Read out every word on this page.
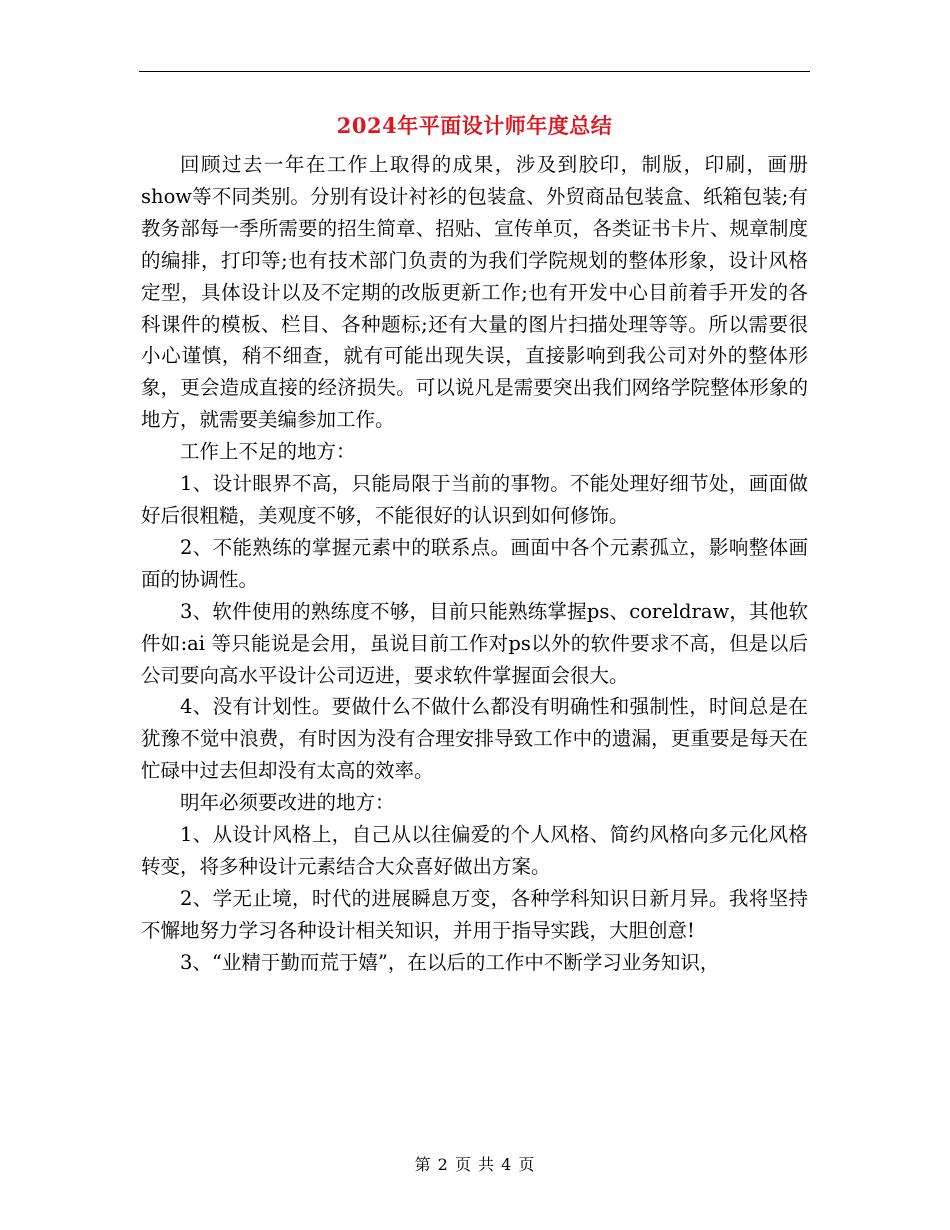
2024年平面设计师年度总结

回顾过去一年在工作上取得的成果，涉及到胶印，制版，印刷，画册show等不同类别。分别有设计衬衫的包装盒、外贸商品包装盒、纸箱包装;有教务部每一季所需要的招生简章、招贴、宣传单页，各类证书卡片、规章制度的编排，打印等;也有技术部门负责的为我们学院规划的整体形象，设计风格定型，具体设计以及不定期的改版更新工作;也有开发中心目前着手开发的各科课件的模板、栏目、各种题标;还有大量的图片扫描处理等等。所以需要很小心谨慎，稍不细查，就有可能出现失误，直接影响到我公司对外的整体形象，更会造成直接的经济损失。可以说凡是需要突出我们网络学院整体形象的地方，就需要美编参加工作。

工作上不足的地方：

1、设计眼界不高，只能局限于当前的事物。不能处理好细节处，画面做好后很粗糙，美观度不够，不能很好的认识到如何修饰。

2、不能熟练的掌握元素中的联系点。画面中各个元素孤立，影响整体画面的协调性。

3、软件使用的熟练度不够，目前只能熟练掌握ps、coreldraw，其他软件如:ai 等只能说是会用，虽说目前工作对ps以外的软件要求不高，但是以后公司要向高水平设计公司迈进，要求软件掌握面会很大。

4、没有计划性。要做什么不做什么都没有明确性和强制性，时间总是在犹豫不觉中浪费，有时因为没有合理安排导致工作中的遗漏，更重要是每天在忙碌中过去但却没有太高的效率。

明年必须要改进的地方：

1、从设计风格上，自己从以往偏爱的个人风格、简约风格向多元化风格转变，将多种设计元素结合大众喜好做出方案。

2、学无止境，时代的进展瞬息万变，各种学科知识日新月异。我将坚持不懈地努力学习各种设计相关知识，并用于指导实践，大胆创意!

3、“业精于勤而荒于嬉”，在以后的工作中不断学习业务知识，

第 2 页 共 4 页
